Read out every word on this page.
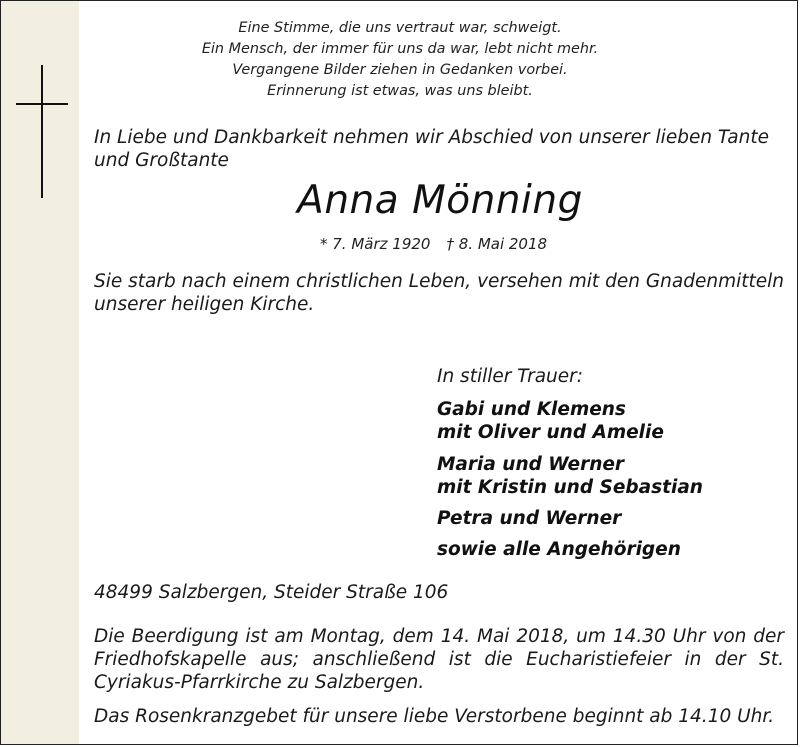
Eine Stimme, die uns vertraut war, schweigt.
Ein Mensch, der immer für uns da war, lebt nicht mehr.
Vergangene Bilder ziehen in Gedanken vorbei.
Erinnerung ist etwas, was uns bleibt.
In Liebe und Dankbarkeit nehmen wir Abschied von unserer lieben Tante und Großtante
Anna Mönning
* 7. März 1920 † 8. Mai 2018
Sie starb nach einem christlichen Leben, versehen mit den Gnadenmitteln unserer heiligen Kirche.
In stiller Trauer:
Gabi und Klemens
mit Oliver und Amelie
Maria und Werner
mit Kristin und Sebastian
Petra und Werner
sowie alle Angehörigen
48499 Salzbergen, Steider Straße 106
Die Beerdigung ist am Montag, dem 14. Mai 2018, um 14.30 Uhr von der Friedhofskapelle aus; anschließend ist die Eucharistiefeier in der St. Cyriakus-Pfarrkirche zu Salzbergen.
Das Rosenkranzgebet für unsere liebe Verstorbene beginnt ab 14.10 Uhr.
